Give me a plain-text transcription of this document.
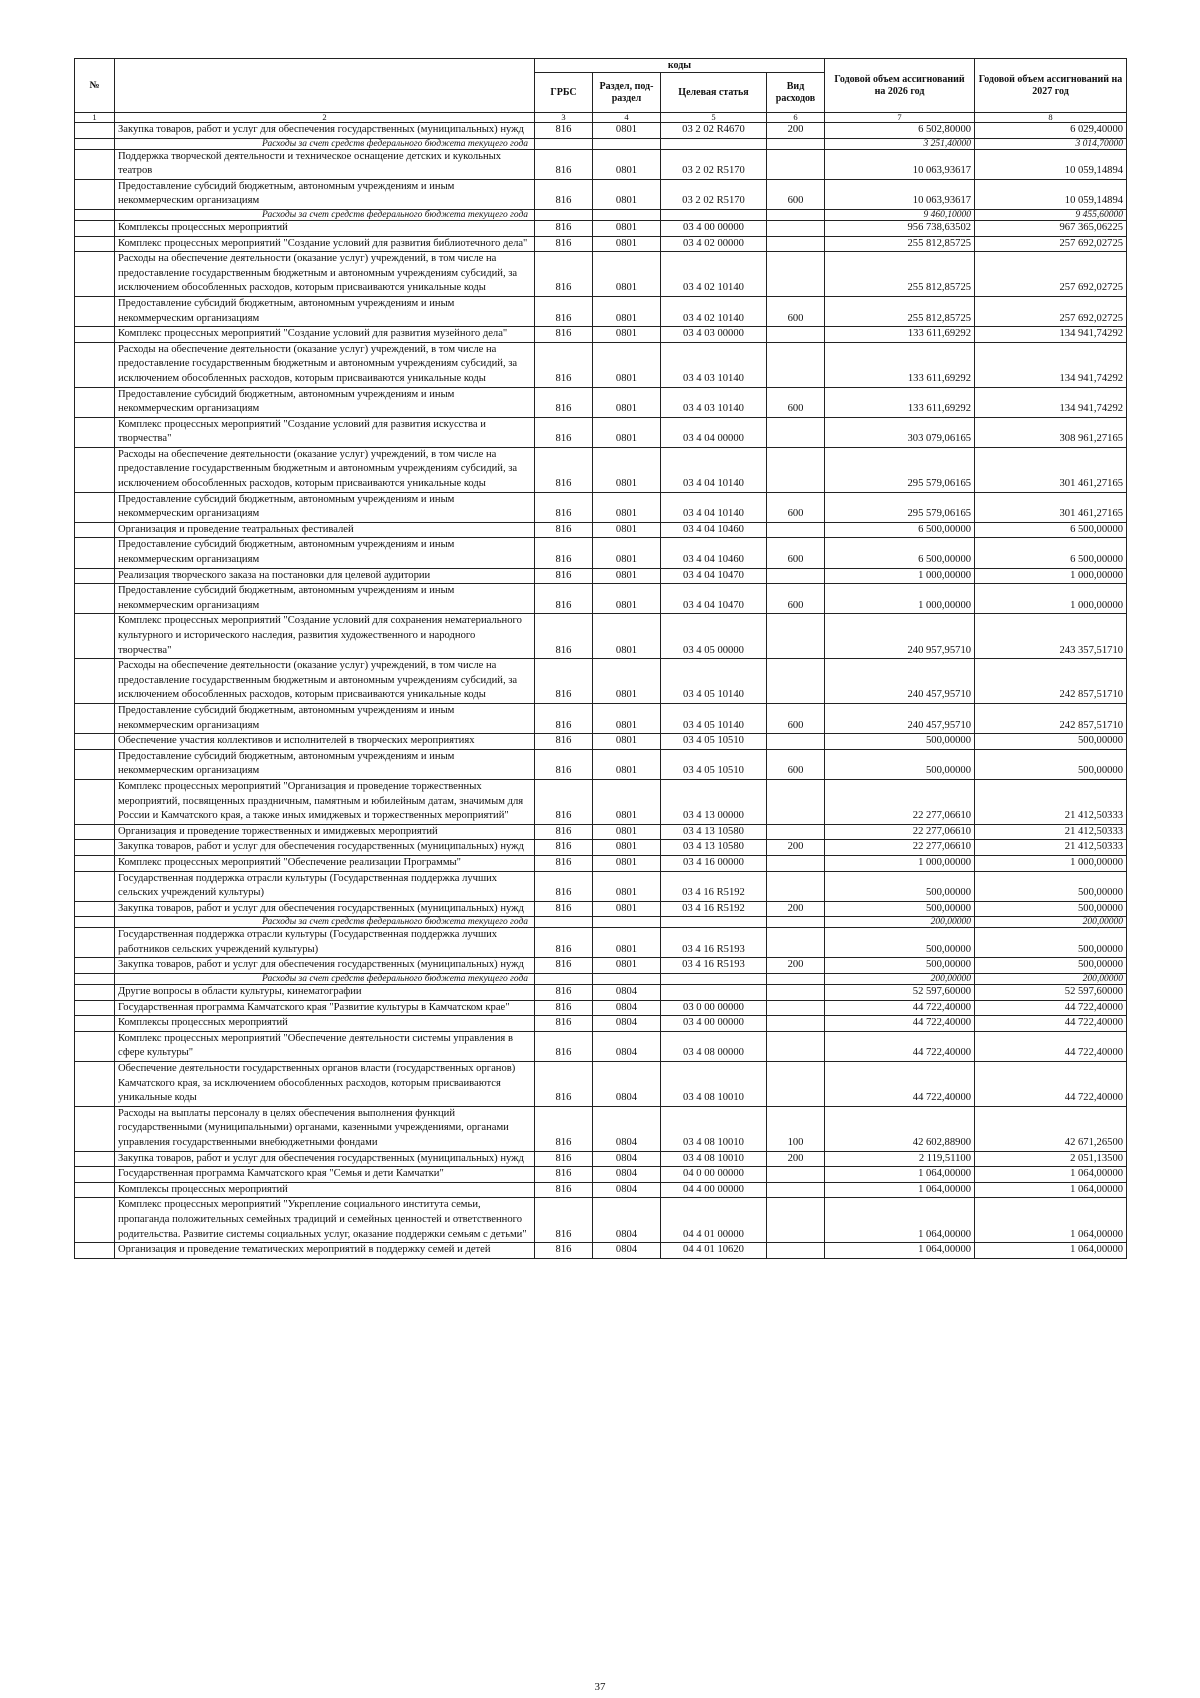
№		коды				Годовой объем ассигнований на 2026 год	Годовой объем ассигнований на 2027 год
		ГРБС	Раздел, под-раздел	Целевая статья	Вид расходов		
1	2	3	4	5	6	7	8
	Закупка товаров, работ и услуг для обеспечения государственных (муниципальных) нужд	816	0801	03 2 02 R4670	200	6 502,80000	6 029,40000
	Расходы за счет средств федерального бюджета текущего года					3 251,40000	3 014,70000
	Поддержка творческой деятельности и техническое оснащение детских и кукольных театров	816	0801	03 2 02 R5170		10 063,93617	10 059,14894
	Предоставление субсидий бюджетным, автономным учреждениям и иным некоммерческим организациям	816	0801	03 2 02 R5170	600	10 063,93617	10 059,14894
	Расходы за счет средств федерального бюджета текущего года					9 460,10000	9 455,60000
	Комплексы процессных мероприятий	816	0801	03 4 00 00000		956 738,63502	967 365,06225
	Комплекс процессных мероприятий "Создание условий для развития библиотечного дела"	816	0801	03 4 02 00000		255 812,85725	257 692,02725
	Расходы на обеспечение деятельности (оказание услуг) учреждений, в том числе на предоставление государственным бюджетным и автономным учреждениям субсидий, за исключением обособленных расходов, которым присваиваются уникальные коды	816	0801	03 4 02 10140		255 812,85725	257 692,02725
	Предоставление субсидий бюджетным, автономным учреждениям и иным некоммерческим организациям	816	0801	03 4 02 10140	600	255 812,85725	257 692,02725
	Комплекс процессных мероприятий "Создание условий для развития музейного дела"	816	0801	03 4 03 00000		133 611,69292	134 941,74292
	Расходы на обеспечение деятельности (оказание услуг) учреждений, в том числе на предоставление государственным бюджетным и автономным учреждениям субсидий, за исключением обособленных расходов, которым присваиваются уникальные коды	816	0801	03 4 03 10140		133 611,69292	134 941,74292
	Предоставление субсидий бюджетным, автономным учреждениям и иным некоммерческим организациям	816	0801	03 4 03 10140	600	133 611,69292	134 941,74292
	Комплекс процессных мероприятий "Создание условий для развития искусства и творчества"	816	0801	03 4 04 00000		303 079,06165	308 961,27165
	Расходы на обеспечение деятельности (оказание услуг) учреждений, в том числе на предоставление государственным бюджетным и автономным учреждениям субсидий, за исключением обособленных расходов, которым присваиваются уникальные коды	816	0801	03 4 04 10140		295 579,06165	301 461,27165
	Предоставление субсидий бюджетным, автономным учреждениям и иным некоммерческим организациям	816	0801	03 4 04 10140	600	295 579,06165	301 461,27165
	Организация и проведение театральных фестивалей	816	0801	03 4 04 10460		6 500,00000	6 500,00000
	Предоставление субсидий бюджетным, автономным учреждениям и иным некоммерческим организациям	816	0801	03 4 04 10460	600	6 500,00000	6 500,00000
	Реализация творческого заказа на постановки для целевой аудитории	816	0801	03 4 04 10470		1 000,00000	1 000,00000
	Предоставление субсидий бюджетным, автономным учреждениям и иным некоммерческим организациям	816	0801	03 4 04 10470	600	1 000,00000	1 000,00000
	Комплекс процессных мероприятий "Создание условий для сохранения нематериального культурного и исторического наследия, развития художественного и народного творчества"	816	0801	03 4 05 00000		240 957,95710	243 357,51710
	Расходы на обеспечение деятельности (оказание услуг) учреждений, в том числе на предоставление государственным бюджетным и автономным учреждениям субсидий, за исключением обособленных расходов, которым присваиваются уникальные коды	816	0801	03 4 05 10140		240 457,95710	242 857,51710
	Предоставление субсидий бюджетным, автономным учреждениям и иным некоммерческим организациям	816	0801	03 4 05 10140	600	240 457,95710	242 857,51710
	Обеспечение участия коллективов и исполнителей в творческих мероприятиях	816	0801	03 4 05 10510		500,00000	500,00000
	Предоставление субсидий бюджетным, автономным учреждениям и иным некоммерческим организациям	816	0801	03 4 05 10510	600	500,00000	500,00000
	Комплекс процессных мероприятий "Организация и проведение торжественных мероприятий, посвященных праздничным, памятным и юбилейным датам, значимым для России и Камчатского края, а также иных имиджевых и торжественных мероприятий"	816	0801	03 4 13 00000		22 277,06610	21 412,50333
	Организация и проведение торжественных и имиджевых мероприятий	816	0801	03 4 13 10580		22 277,06610	21 412,50333
	Закупка товаров, работ и услуг для обеспечения государственных (муниципальных) нужд	816	0801	03 4 13 10580	200	22 277,06610	21 412,50333
	Комплекс процессных мероприятий "Обеспечение реализации Программы"	816	0801	03 4 16 00000		1 000,00000	1 000,00000
	Государственная поддержка отрасли культуры (Государственная поддержка лучших сельских учреждений культуры)	816	0801	03 4 16 R5192		500,00000	500,00000
	Закупка товаров, работ и услуг для обеспечения государственных (муниципальных) нужд	816	0801	03 4 16 R5192	200	500,00000	500,00000
	Расходы за счет средств федерального бюджета текущего года					200,00000	200,00000
	Государственная поддержка отрасли культуры (Государственная поддержка лучших работников сельских учреждений культуры)	816	0801	03 4 16 R5193		500,00000	500,00000
	Закупка товаров, работ и услуг для обеспечения государственных (муниципальных) нужд	816	0801	03 4 16 R5193	200	500,00000	500,00000
	Расходы за счет средств федерального бюджета текущего года					200,00000	200,00000
	Другие вопросы в области культуры, кинематографии	816	0804			52 597,60000	52 597,60000
	Государственная программа Камчатского края "Развитие культуры в Камчатском крае"	816	0804	03 0 00 00000		44 722,40000	44 722,40000
	Комплексы процессных мероприятий	816	0804	03 4 00 00000		44 722,40000	44 722,40000
	Комплекс процессных мероприятий "Обеспечение деятельности системы управления в сфере культуры"	816	0804	03 4 08 00000		44 722,40000	44 722,40000
	Обеспечение деятельности государственных органов власти (государственных органов) Камчатского края, за исключением обособленных расходов, которым присваиваются уникальные коды	816	0804	03 4 08 10010		44 722,40000	44 722,40000
	Расходы на выплаты персоналу в целях обеспечения выполнения функций государственными (муниципальными) органами, казенными учреждениями, органами управления государственными внебюджетными фондами	816	0804	03 4 08 10010	100	42 602,88900	42 671,26500
	Закупка товаров, работ и услуг для обеспечения государственных (муниципальных) нужд	816	0804	03 4 08 10010	200	2 119,51100	2 051,13500
	Государственная программа Камчатского края "Семья и дети Камчатки"	816	0804	04 0 00 00000		1 064,00000	1 064,00000
	Комплексы процессных мероприятий	816	0804	04 4 00 00000		1 064,00000	1 064,00000
	Комплекс процессных мероприятий "Укрепление социального института семьи, пропаганда положительных семейных традиций и семейных ценностей и ответственного родительства. Развитие системы социальных услуг, оказание поддержки семьям с детьми"	816	0804	04 4 01 00000		1 064,00000	1 064,00000
	Организация и проведение тематических мероприятий в поддержку семей и детей	816	0804	04 4 01 10620		1 064,00000	1 064,00000
37
